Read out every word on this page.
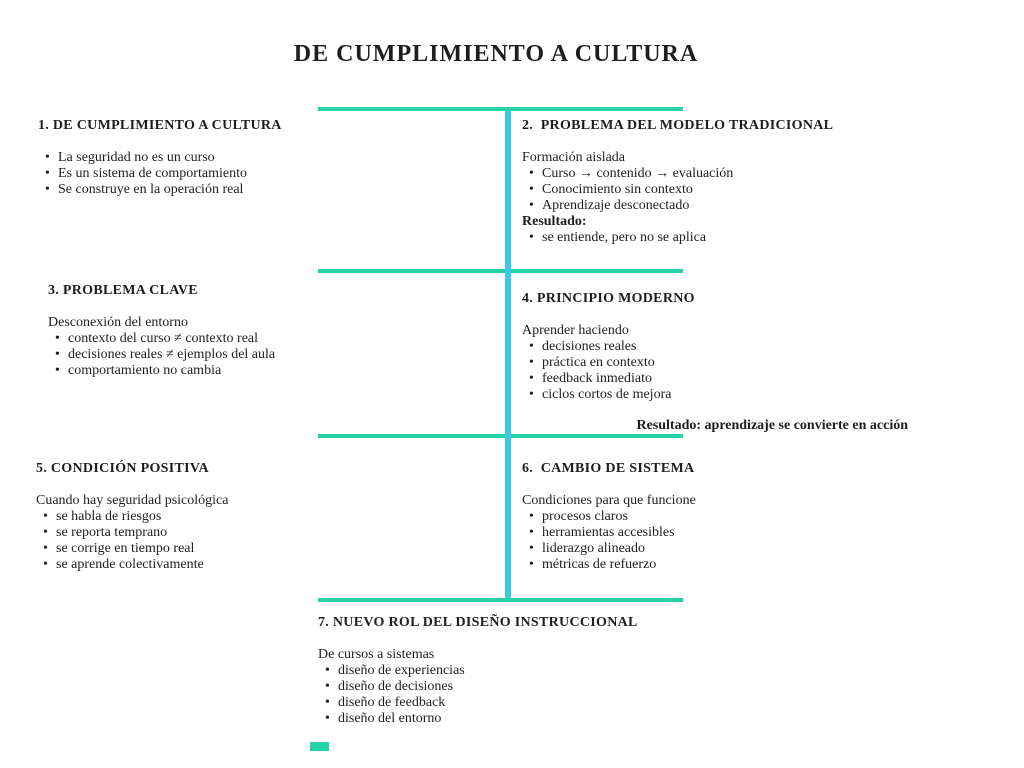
DE CUMPLIMIENTO A CULTURA
1. DE CUMPLIMIENTO A CULTURA
• La seguridad no es un curso
• Es un sistema de comportamiento
• Se construye en la operación real
2.  PROBLEMA DEL MODELO TRADICIONAL
Formación aislada
• Curso → contenido → evaluación
• Conocimiento sin contexto
• Aprendizaje desconectado
Resultado:
• se entiende, pero no se aplica
3. PROBLEMA CLAVE
Desconexión del entorno
• contexto del curso ≠ contexto real
• decisiones reales ≠ ejemplos del aula
• comportamiento no cambia
4. PRINCIPIO MODERNO
Aprender haciendo
• decisiones reales
• práctica en contexto
• feedback inmediato
• ciclos cortos de mejora
Resultado: aprendizaje se convierte en acción
5. CONDICIÓN POSITIVA
Cuando hay seguridad psicológica
• se habla de riesgos
• se reporta temprano
• se corrige en tiempo real
• se aprende colectivamente
6.  CAMBIO DE SISTEMA
Condiciones para que funcione
• procesos claros
• herramientas accesibles
• liderazgo alineado
• métricas de refuerzo
7. NUEVO ROL DEL DISEÑO INSTRUCCIONAL
De cursos a sistemas
• diseño de experiencias
• diseño de decisiones
• diseño de feedback
• diseño del entorno
